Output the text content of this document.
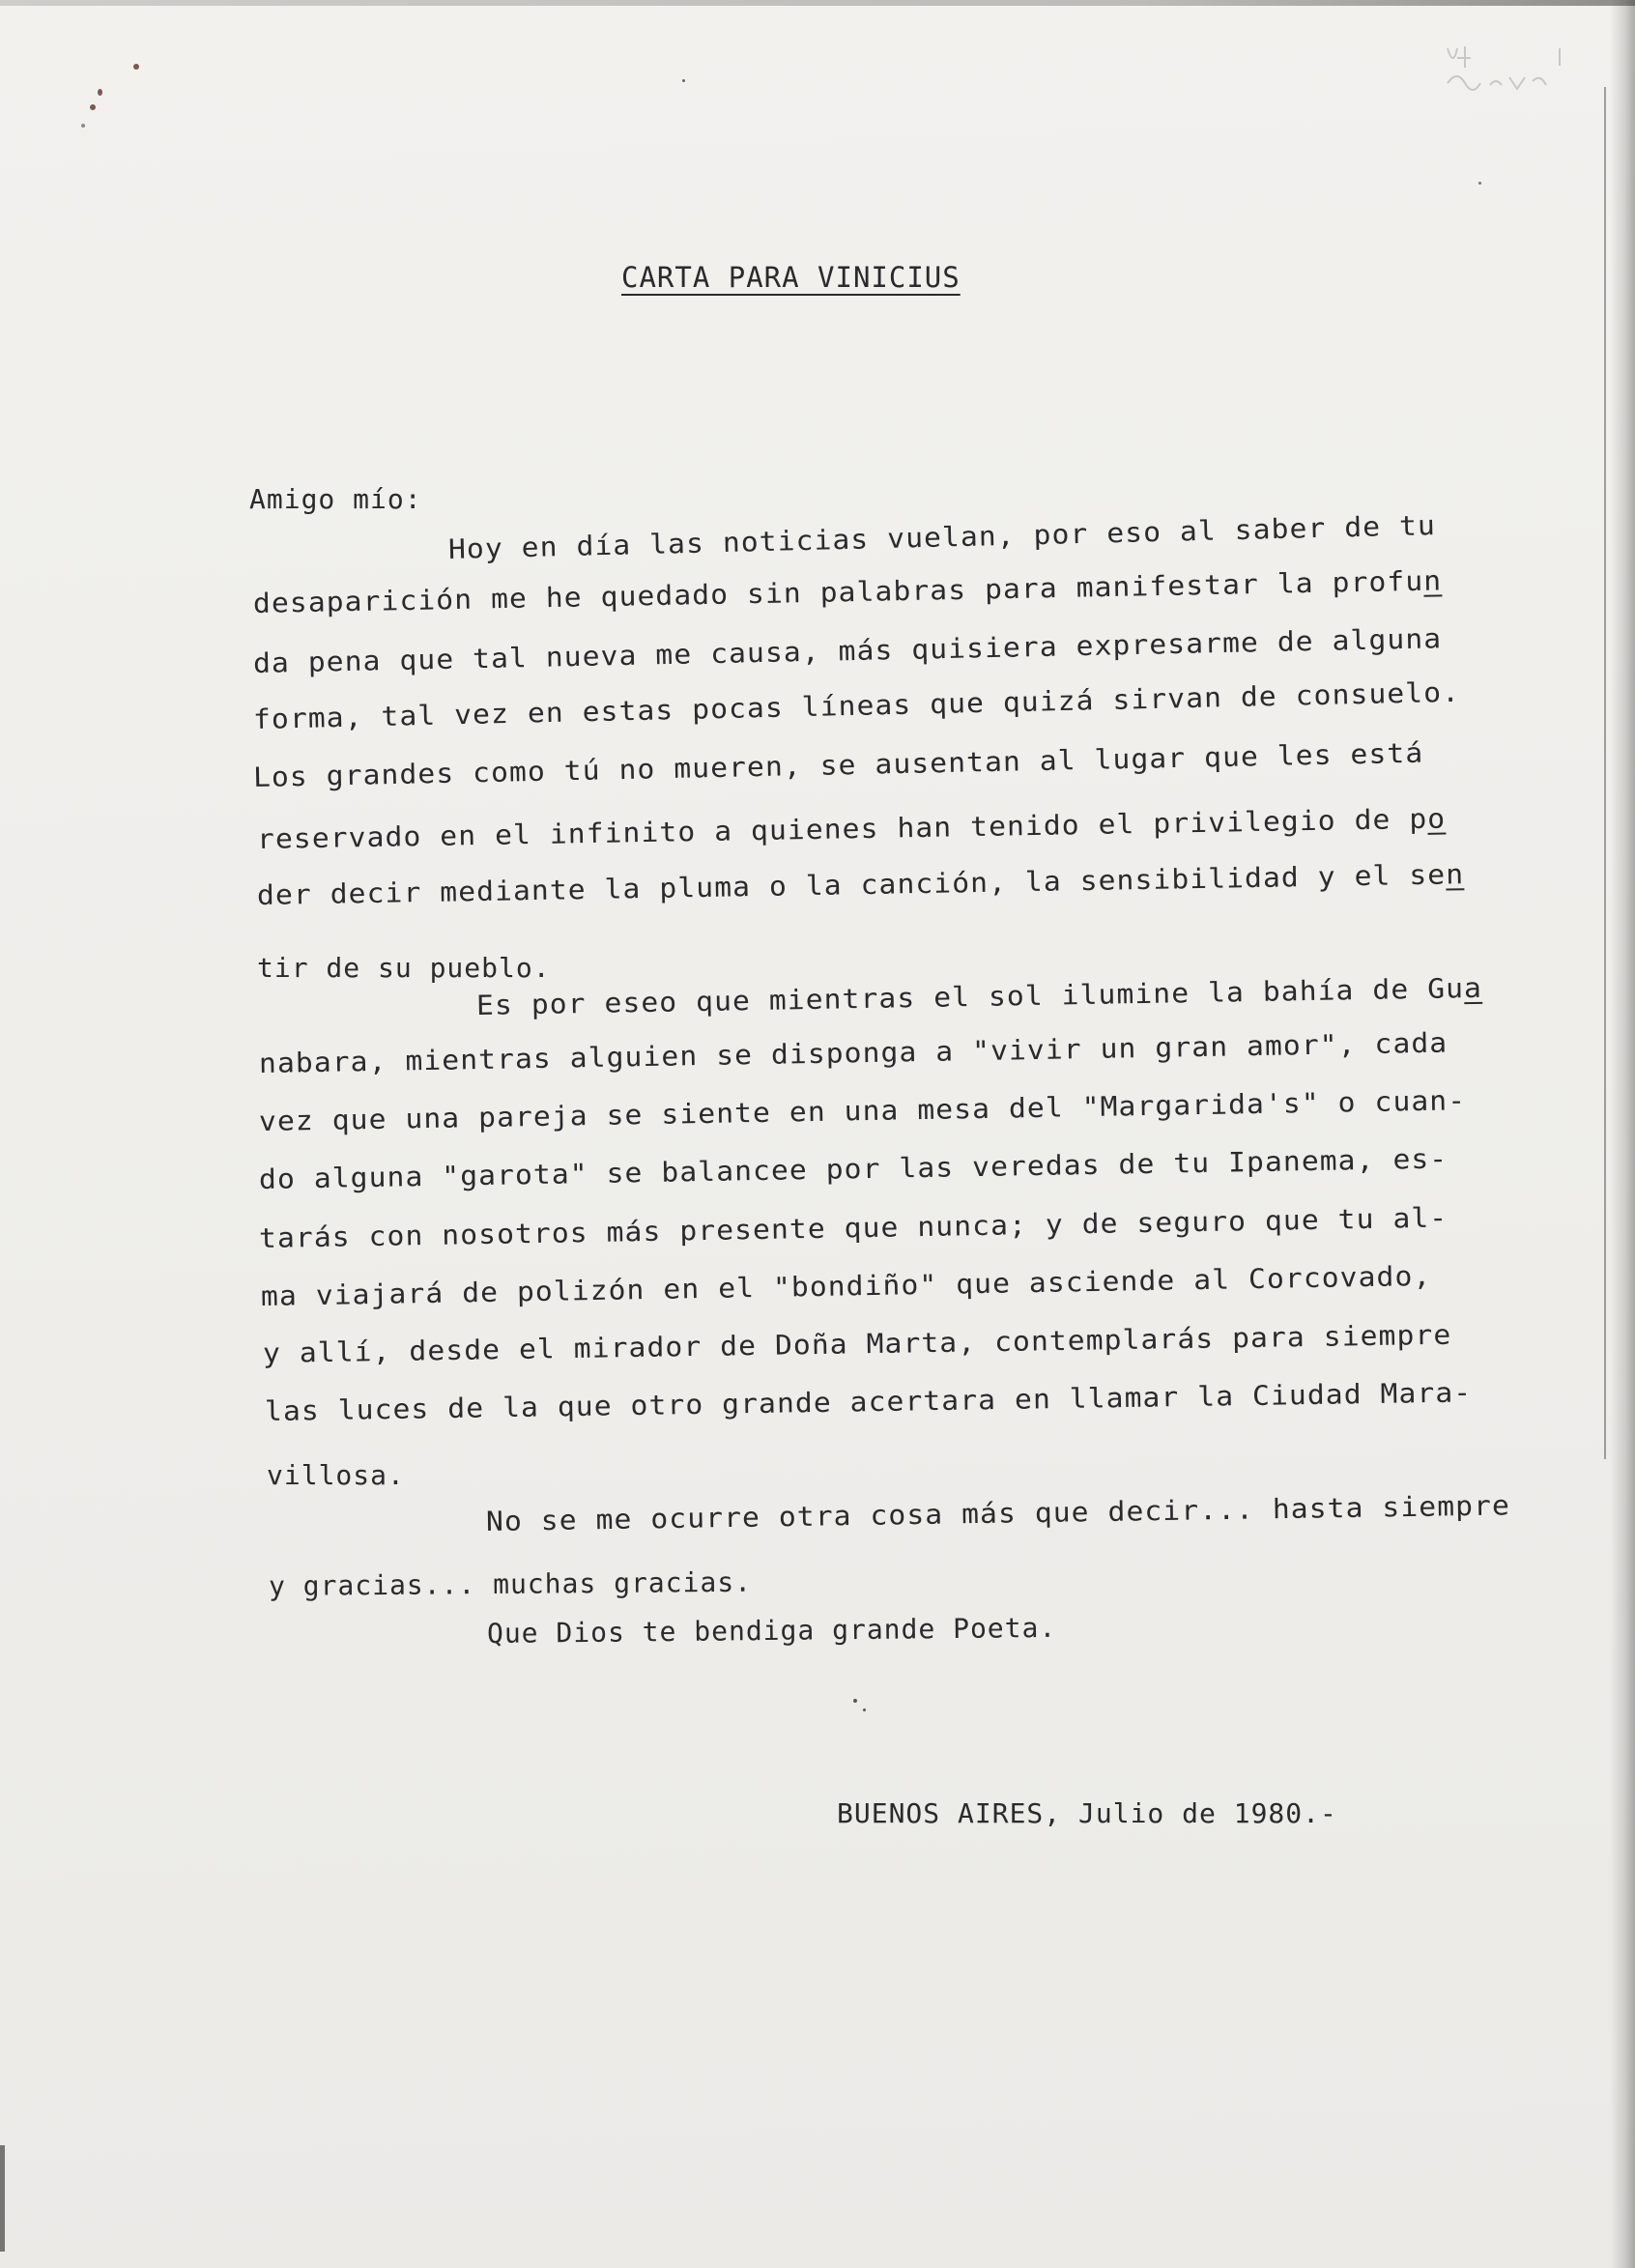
CARTA PARA VINICIUS
Amigo mío:
Hoy en día las noticias vuelan, por eso al saber de tu
desaparición me he quedado sin palabras para manifestar la profun
da pena que tal nueva me causa, más quisiera expresarme de alguna
forma, tal vez en estas pocas líneas que quizá sirvan de consuelo.
Los grandes como tú no mueren, se ausentan al lugar que les está
reservado en el infinito a quienes han tenido el privilegio de po
der decir mediante la pluma o la canción, la sensibilidad y el sen
tir de su pueblo.
Es por eseo que mientras el sol ilumine la bahía de Gua
nabara, mientras alguien se disponga a "vivir un gran amor", cada
vez que una pareja se siente en una mesa del "Margarida's" o cuan-
do alguna "garota" se balancee por las veredas de tu Ipanema, es-
tarás con nosotros más presente que nunca; y de seguro que tu al-
ma viajará de polizón en el "bondiño" que asciende al Corcovado,
y allí, desde el mirador de Doña Marta, contemplarás para siempre
las luces de la que otro grande acertara en llamar la Ciudad Mara-
villosa.
No se me ocurre otra cosa más que decir... hasta siempre
y gracias... muchas gracias.
Que Dios te bendiga grande Poeta.
BUENOS AIRES, Julio de 1980.-
